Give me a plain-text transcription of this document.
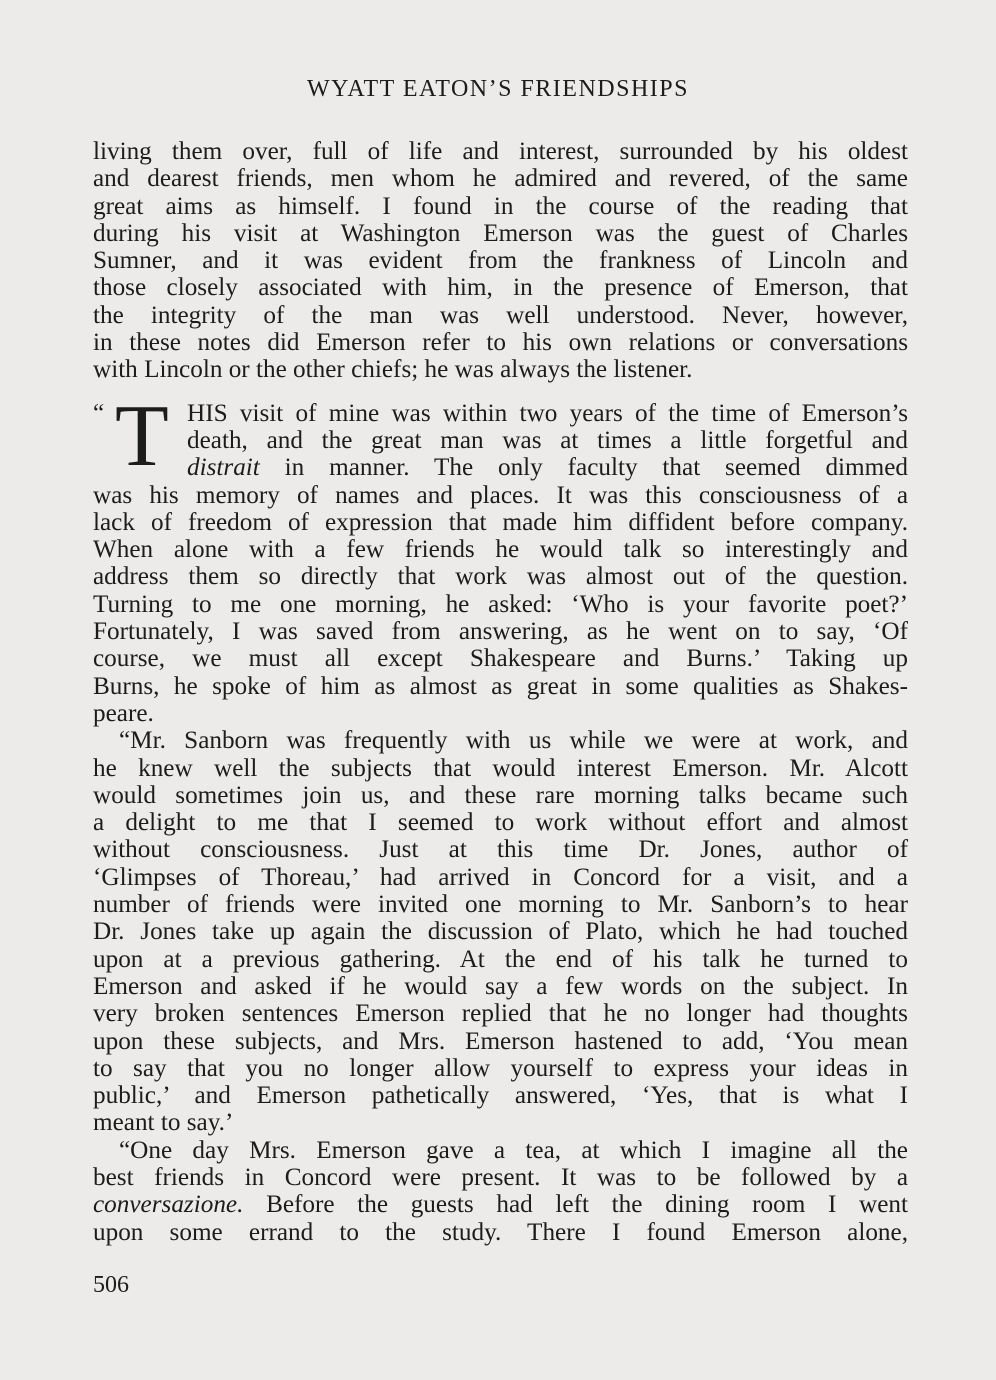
WYATT EATON’S FRIENDSHIPS
living them over, full of life and interest, surrounded by his oldest
and dearest friends, men whom he admired and revered, of the same
great aims as himself. I found in the course of the reading that
during his visit at Washington Emerson was the guest of Charles
Sumner, and it was evident from the frankness of Lincoln and
those closely associated with him, in the presence of Emerson, that
the integrity of the man was well understood. Never, however,
in these notes did Emerson refer to his own relations or conversations
with Lincoln or the other chiefs; he was always the listener.
“ T HIS visit of mine was within two years of the time of Emerson’s
death, and the great man was at times a little forgetful and
distrait in manner. The only faculty that seemed dimmed
was his memory of names and places. It was this consciousness of a
lack of freedom of expression that made him diffident before company.
When alone with a few friends he would talk so interestingly and
address them so directly that work was almost out of the question.
Turning to me one morning, he asked: ‘Who is your favorite poet?’
Fortunately, I was saved from answering, as he went on to say, ‘Of
course, we must all except Shakespeare and Burns.’ Taking up
Burns, he spoke of him as almost as great in some qualities as Shakes-
peare.
“Mr. Sanborn was frequently with us while we were at work, and
he knew well the subjects that would interest Emerson. Mr. Alcott
would sometimes join us, and these rare morning talks became such
a delight to me that I seemed to work without effort and almost
without consciousness. Just at this time Dr. Jones, author of
‘Glimpses of Thoreau,’ had arrived in Concord for a visit, and a
number of friends were invited one morning to Mr. Sanborn’s to hear
Dr. Jones take up again the discussion of Plato, which he had touched
upon at a previous gathering. At the end of his talk he turned to
Emerson and asked if he would say a few words on the subject. In
very broken sentences Emerson replied that he no longer had thoughts
upon these subjects, and Mrs. Emerson hastened to add, ‘You mean
to say that you no longer allow yourself to express your ideas in
public,’ and Emerson pathetically answered, ‘Yes, that is what I
meant to say.’
“One day Mrs. Emerson gave a tea, at which I imagine all the
best friends in Concord were present. It was to be followed by a
conversazione. Before the guests had left the dining room I went
upon some errand to the study. There I found Emerson alone,
506
